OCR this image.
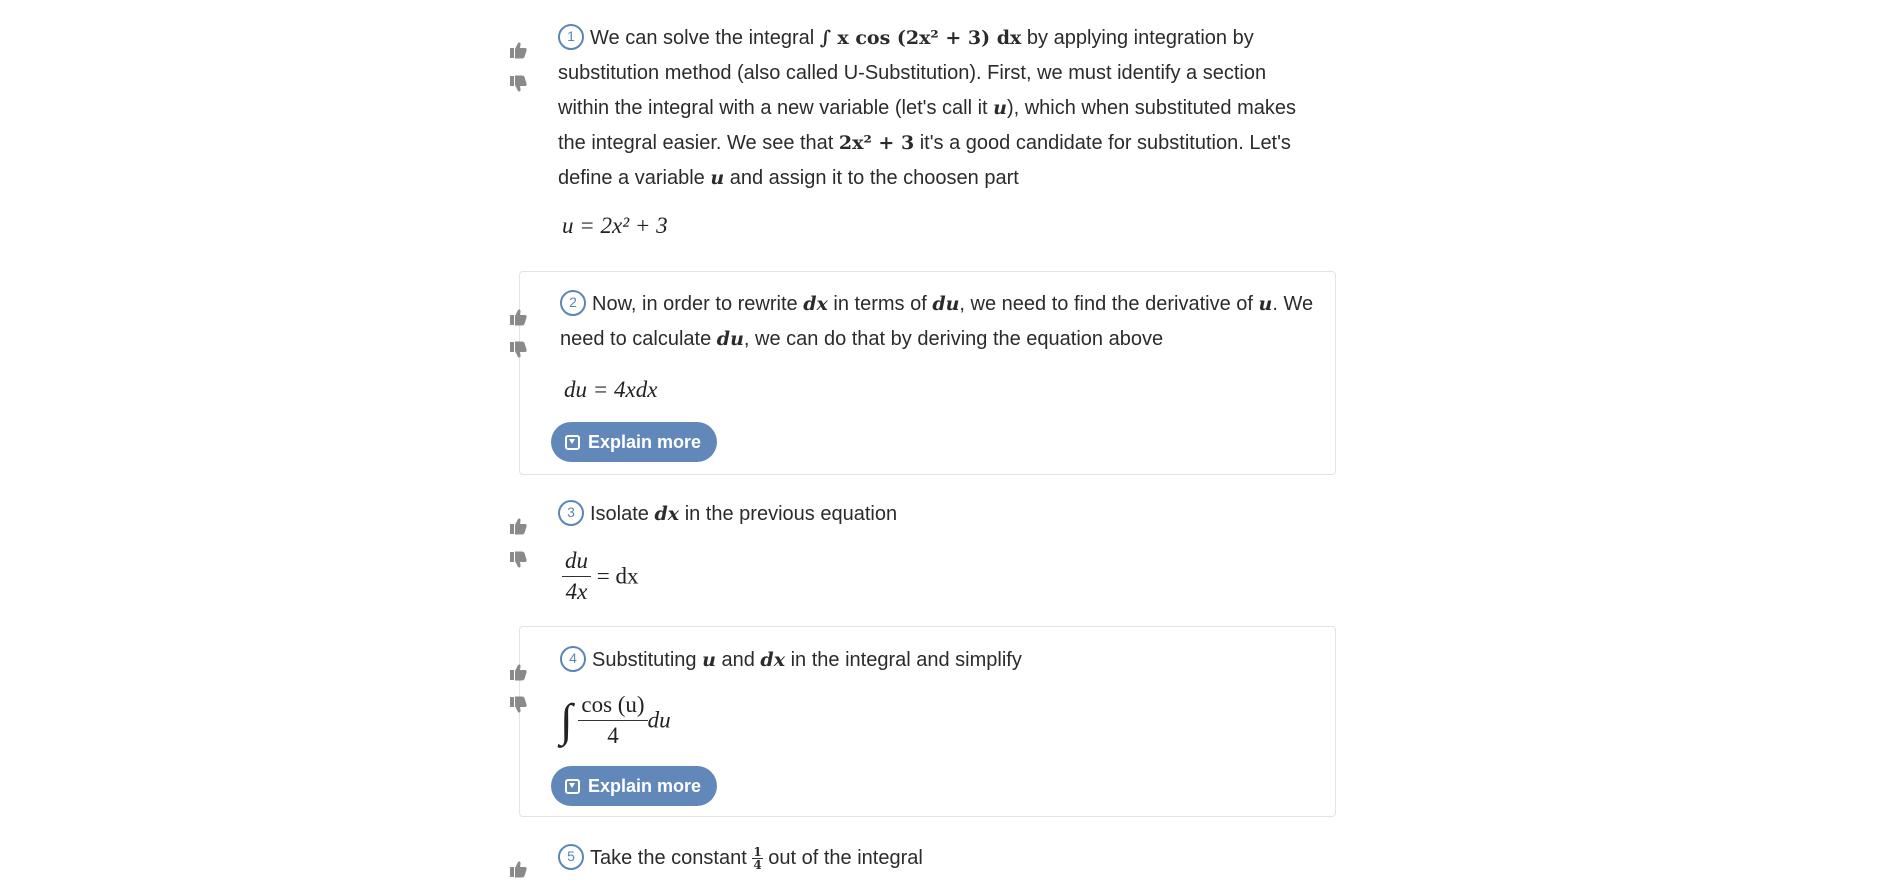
1 We can solve the integral ∫ x cos (2x² + 3) dx by applying integration by substitution method (also called U-Substitution). First, we must identify a section within the integral with a new variable (let's call it u), which when substituted makes the integral easier. We see that 2x² + 3 it's a good candidate for substitution. Let's define a variable u and assign it to the choosen part
u = 2x² + 3
2 Now, in order to rewrite dx in terms of du, we need to find the derivative of u. We need to calculate du, we can do that by deriving the equation above
du = 4xdx
Explain more
3 Isolate dx in the previous equation
$\frac{du}{4x}$ = dx
4 Substituting u and dx in the integral and simplify
∫ $\frac{\cos (u)}{4}$ du
Explain more
5 Take the constant $\frac{1}{4}$ out of the integral
